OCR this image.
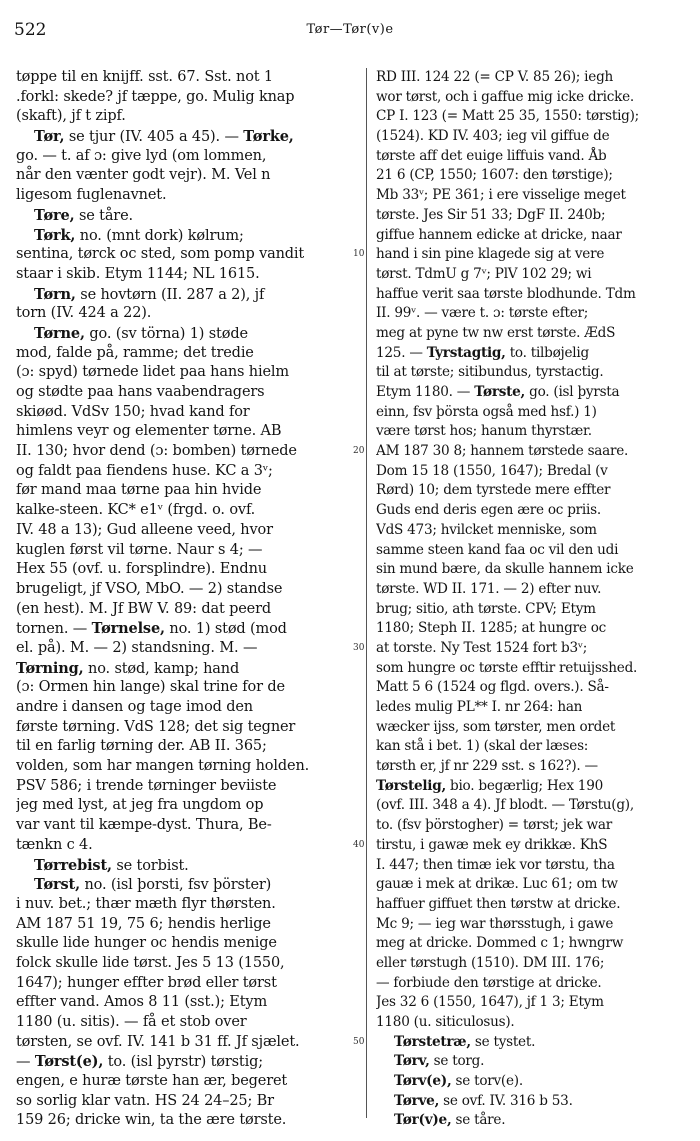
522	Tør—Tør(v)e
tøppe til en knijff. sst. 67. Sst. not 1
.forkl: skede? jf tæppe, go. Mulig knap
(skaft), jf t zipf.
Tør, se tjur (IV. 405 a 45). — Tørke,
go. — t. af ɔ: give lyd (om lommen,
når den vænter godt vejr). M. Vel n
ligesom fuglenavnet.
Tøre, se tåre.
Tørk, no. (mnt dork) kølrum;
sentina, tørck oc sted, som pomp vandit
staar i skib. Etym 1144; NL 1615.
Tørn, se hovtørn (II. 287 a 2), jf
torn (IV. 424 a 22).
Tørne, go. (sv törna) 1) støde
mod, falde på, ramme; det tredie
(ɔ: spyd) tørnede lidet paa hans hielm
og stødte paa hans vaabendragers
skiøød. VdSv 150; hvad kand for
himlens veyr og elementer tørne. AB
II. 130; hvor dend (ɔ: bomben) tørnede
og faldt paa fiendens huse. KC a 3ᵛ;
før mand maa tørne paa hin hvide
kalke-steen. KC* e1ᵛ (frgd. o. ovf.
IV. 48 a 13); Gud alleene veed, hvor
kuglen først vil tørne. Naur s 4; —
Hex 55 (ovf. u. forsplindre). Endnu
brugeligt, jf VSO, MbO. — 2) standse
(en hest). M. Jf BW V. 89: dat peerd
tornen. — Tørnelse, no. 1) stød (mod
el. på). M. — 2) standsning. M. —
Tørning, no. stød, kamp; hand
(ɔ: Ormen hin lange) skal trine for de
andre i dansen og tage imod den
første tørning. VdS 128; det sig tegner
til en farlig tørning der. AB II. 365;
volden, som har mangen tørning holden.
PSV 586; i trende tørninger beviiste
jeg med lyst, at jeg fra ungdom op
var vant til kæmpe-dyst. Thura, Be-
tænkn c 4.
Tørrebist, se torbist.
Tørst, no. (isl þorsti, fsv þörster)
i nuv. bet.; thær mæth flyr thørsten.
AM 187 51 19, 75 6; hendis herlige
skulle lide hunger oc hendis menige
folck skulle lide tørst. Jes 5 13 (1550,
1647); hunger effter brød eller tørst
effter vand. Amos 8 11 (sst.); Etym
1180 (u. sitis). — få et stob over
tørsten, se ovf. IV. 141 b 31 ff. Jf sjælet.
— Tørst(e), to. (isl þyrstr) tørstig;
engen, e huræ tørste han ær, begeret
so sorlig klar vatn. HS 24 24–25; Br
159 26; dricke win, ta the ære tørste.
10
20
30
40
50
RD III. 124 22 (= CP V. 85 26); iegh
wor tørst, och i gaffue mig icke dricke.
CP I. 123 (= Matt 25 35, 1550: tørstig);
(1524). KD IV. 403; ieg vil giffue de
tørste aff det euige liffuis vand. Åb
21 6 (CP, 1550; 1607: den tørstige);
Mb 33ᵛ; PE 361; i ere visselige meget
tørste. Jes Sir 51 33; DgF II. 240b;
giffue hannem edicke at dricke, naar
hand i sin pine klagede sig at vere
tørst. TdmU g 7ᵛ; PlV 102 29; wi
haffue verit saa tørste blodhunde. Tdm
II. 99ᵛ. — være t. ɔ: tørste efter;
meg at pyne tw nw erst tørste. ÆdS
125. — Tyrstagtig, to. tilbøjelig
til at tørste; sitibundus, tyrstactig.
Etym 1180. — Tørste, go. (isl þyrsta
einn, fsv þörsta også med hsf.) 1)
være tørst hos; hanum thyrstær.
AM 187 30 8; hannem tørstede saare.
Dom 15 18 (1550, 1647); Bredal (v
Rørd) 10; dem tyrstede mere effter
Guds end deris egen ære oc priis.
VdS 473; hvilcket menniske, som
samme steen kand faa oc vil den udi
sin mund bære, da skulle hannem icke
tørste. WD II. 171. — 2) efter nuv.
brug; sitio, ath tørste. CPV; Etym
1180; Steph II. 1285; at hungre oc
at torste. Ny Test 1524 fort b3ᵛ;
som hungre oc tørste efftir retuijsshed.
Matt 5 6 (1524 og flgd. overs.). Så-
ledes mulig PL** I. nr 264: han
wæcker ijss, som tørster, men ordet
kan stå i bet. 1) (skal der læses:
tørsth er, jf nr 229 sst. s 162?). —
Tørstelig, bio. begærlig; Hex 190
(ovf. III. 348 a 4). Jf blodt. — Tørstu(g),
to. (fsv þörstogher) = tørst; jek war
tirstu, i gawæ mek ey drikkæ. KhS
I. 447; then timæ iek vor tørstu, tha
gauæ i mek at drikæ. Luc 61; om tw
haffuer giffuet then tørstw at dricke.
Mc 9; — ieg war thørsstugh, i gawe
meg at dricke. Dommed c 1; hwngrw
eller tørstugh (1510). DM III. 176;
— forbiude den tørstige at dricke.
Jes 32 6 (1550, 1647), jf 1 3; Etym
1180 (u. siticulosus).
Tørstetræ, se tystet.
Tørv, se torg.
Tørv(e), se torv(e).
Tørve, se ovf. IV. 316 b 53.
Tør(v)e, se tåre.
